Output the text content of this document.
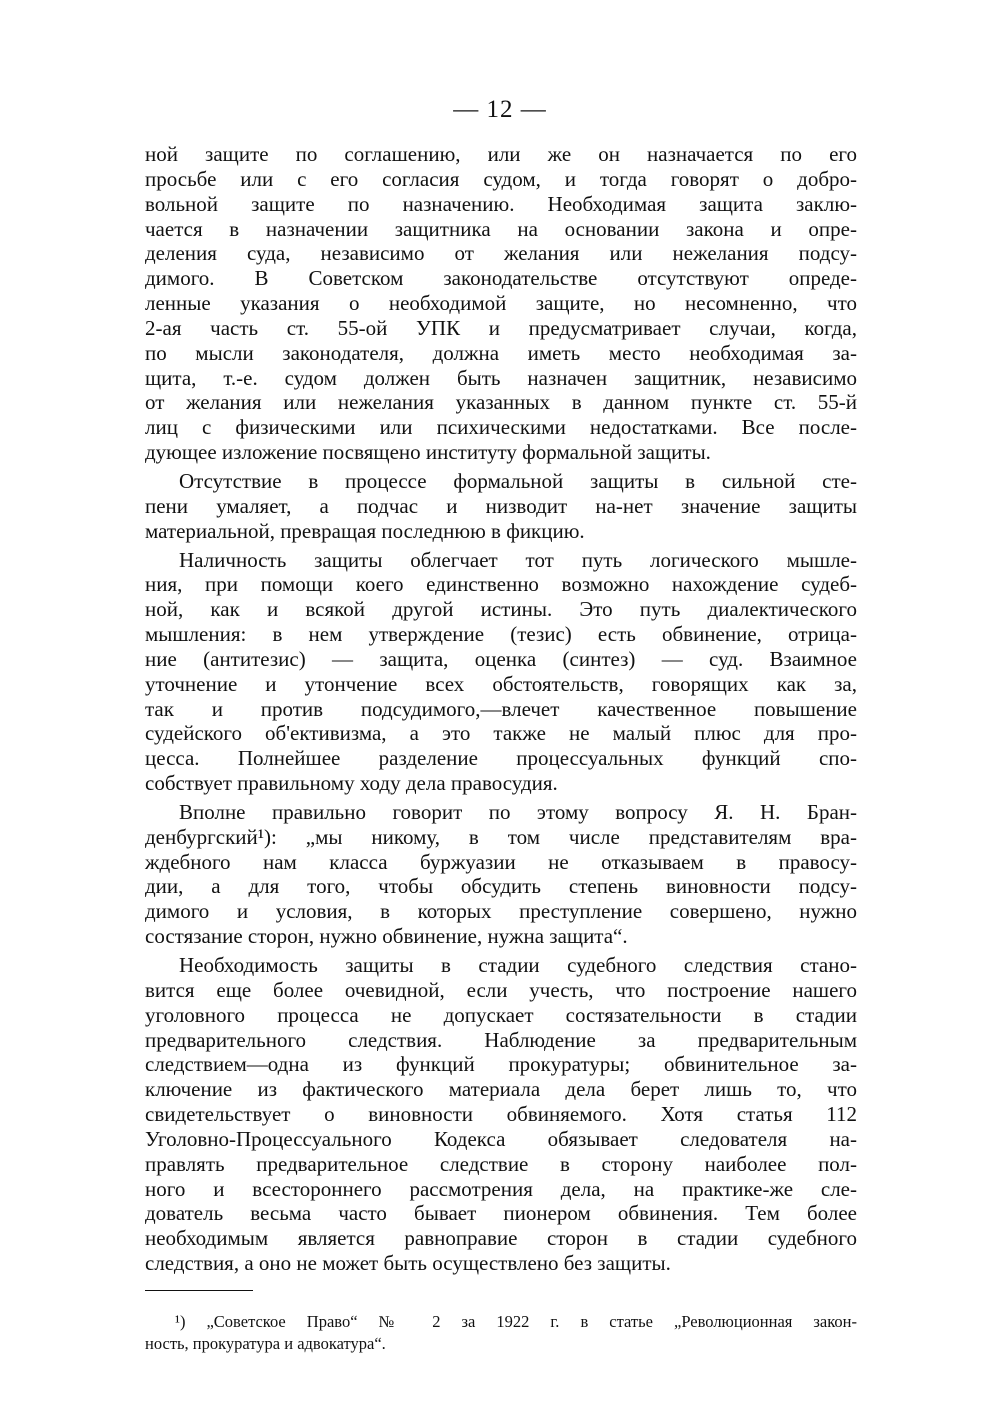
— 12 —
ной защите по соглашению, или же он назначается по его
просьбе или с его согласия судом, и тогда говорят о добро-
вольной защите по назначению. Необходимая защита заклю-
чается в назначении защитника на основании закона и опре-
деления суда, независимо от желания или нежелания подсу-
димого. В Советском законодательстве отсутствуют опреде-
ленные указания о необходимой защите, но несомненно, что
2-ая часть ст. 55-ой УПК и предусматривает случаи, когда,
по мысли законодателя, должна иметь место необходимая за-
щита, т.-е. судом должен быть назначен защитник, независимо
от желания или нежелания указанных в данном пункте ст. 55-й
лиц с физическими или психическими недостатками. Все после-
дующее изложение посвящено институту формальной защиты.
Отсутствие в процессе формальной защиты в сильной сте-
пени умаляет, а подчас и низводит на-нет значение защиты
материальной, превращая последнюю в фикцию.
Наличность защиты облегчает тот путь логического мышле-
ния, при помощи коего единственно возможно нахождение судеб-
ной, как и всякой другой истины. Это путь диалектического
мышления: в нем утверждение (тезис) есть обвинение, отрица-
ние (антитезис) — защита, оценка (синтез) — суд. Взаимное
уточнение и утончение всех обстоятельств, говорящих как за,
так и против подсудимого,—влечет качественное повышение
судейского об'ективизма, а это также не малый плюс для про-
цесса. Полнейшее разделение процессуальных функций спо-
собствует правильному ходу дела правосудия.
Вполне правильно говорит по этому вопросу Я. Н. Бран-
денбургский¹): „мы никому, в том числе представителям вра-
ждебного нам класса буржуазии не отказываем в правосу-
дии, а для того, чтобы обсудить степень виновности подсу-
димого и условия, в которых преступление совершено, нужно
состязание сторон, нужно обвинение, нужна защита“.
Необходимость защиты в стадии судебного следствия стано-
вится еще более очевидной, если учесть, что построение нашего
уголовного процесса не допускает состязательности в стадии
предварительного следствия. Наблюдение за предварительным
следствием—одна из функций прокуратуры; обвинительное за-
ключение из фактического материала дела берет лишь то, что
свидетельствует о виновности обвиняемого. Хотя статья 112
Уголовно-Процессуального Кодекса обязывает следователя на-
правлять предварительное следствие в сторону наиболее пол-
ного и всестороннего рассмотрения дела, на практике-же сле-
дователь весьма часто бывает пионером обвинения. Тем более
необходимым является равноправие сторон в стадии судебного
следствия, а оно не может быть осуществлено без защиты.
¹) „Советское Право“ № 2 за 1922 г. в статье „Революционная закон-
ность, прокуратура и адвокатура“.
